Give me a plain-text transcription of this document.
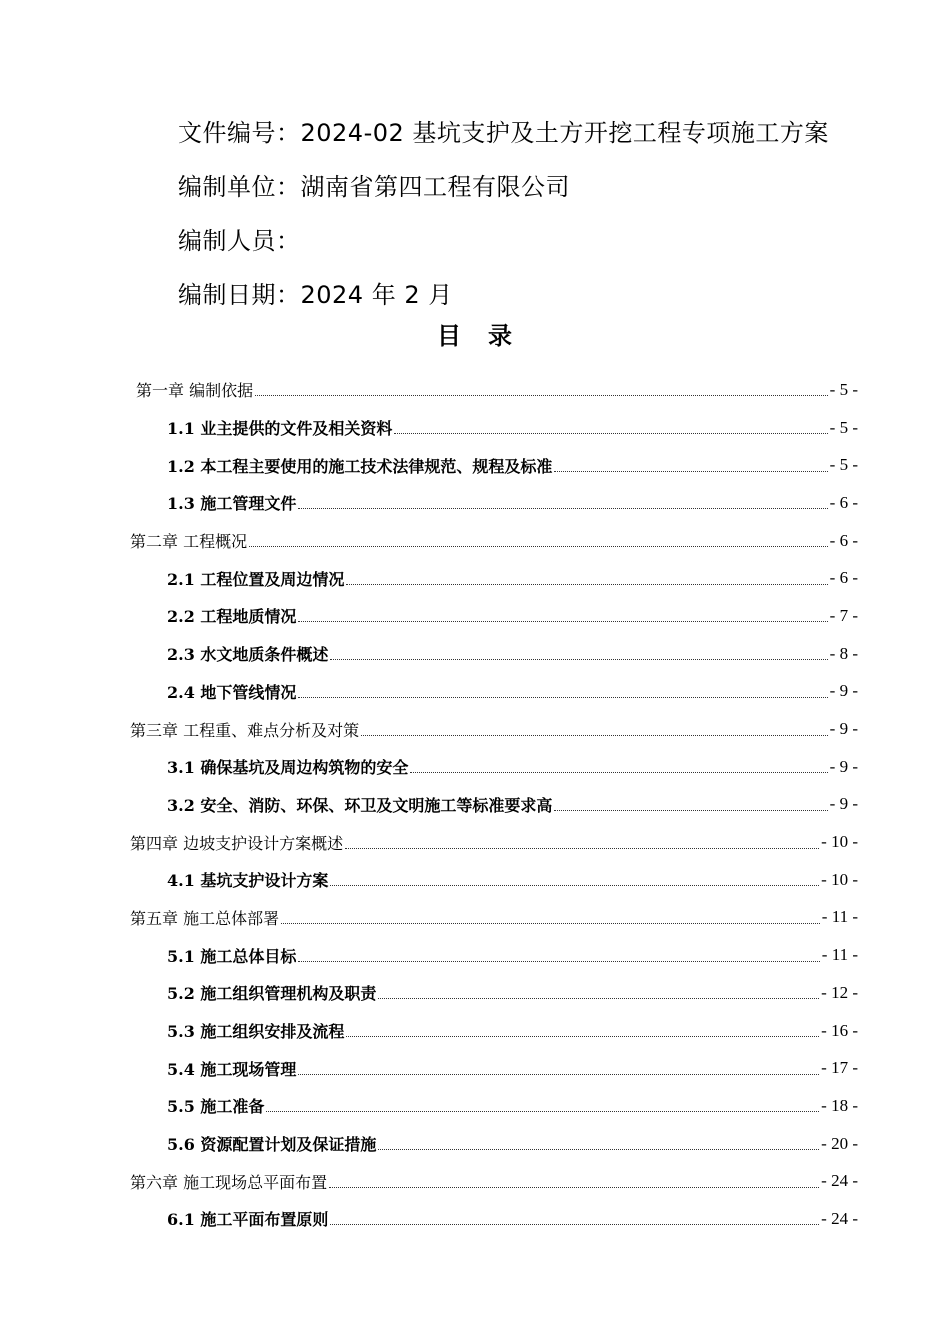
文件编号：2024-02 基坑支护及土方开挖工程专项施工方案
编制单位：湖南省第四工程有限公司
编制人员：
编制日期：2024 年 2 月
目 录
第一章 编制依据	- 5 -
1.1 业主提供的文件及相关资料	- 5 -
1.2 本工程主要使用的施工技术法律规范、规程及标准	- 5 -
1.3 施工管理文件	- 6 -
第二章 工程概况	- 6 -
2.1 工程位置及周边情况	- 6 -
2.2 工程地质情况	- 7 -
2.3 水文地质条件概述	- 8 -
2.4 地下管线情况	- 9 -
第三章 工程重、难点分析及对策	- 9 -
3.1 确保基坑及周边构筑物的安全	- 9 -
3.2 安全、消防、环保、环卫及文明施工等标准要求高	- 9 -
第四章 边坡支护设计方案概述	- 10 -
4.1 基坑支护设计方案	- 10 -
第五章 施工总体部署	- 11 -
5.1 施工总体目标	- 11 -
5.2 施工组织管理机构及职责	- 12 -
5.3 施工组织安排及流程	- 16 -
5.4 施工现场管理	- 17 -
5.5 施工准备	- 18 -
5.6 资源配置计划及保证措施	- 20 -
第六章 施工现场总平面布置	- 24 -
6.1 施工平面布置原则	- 24 -
